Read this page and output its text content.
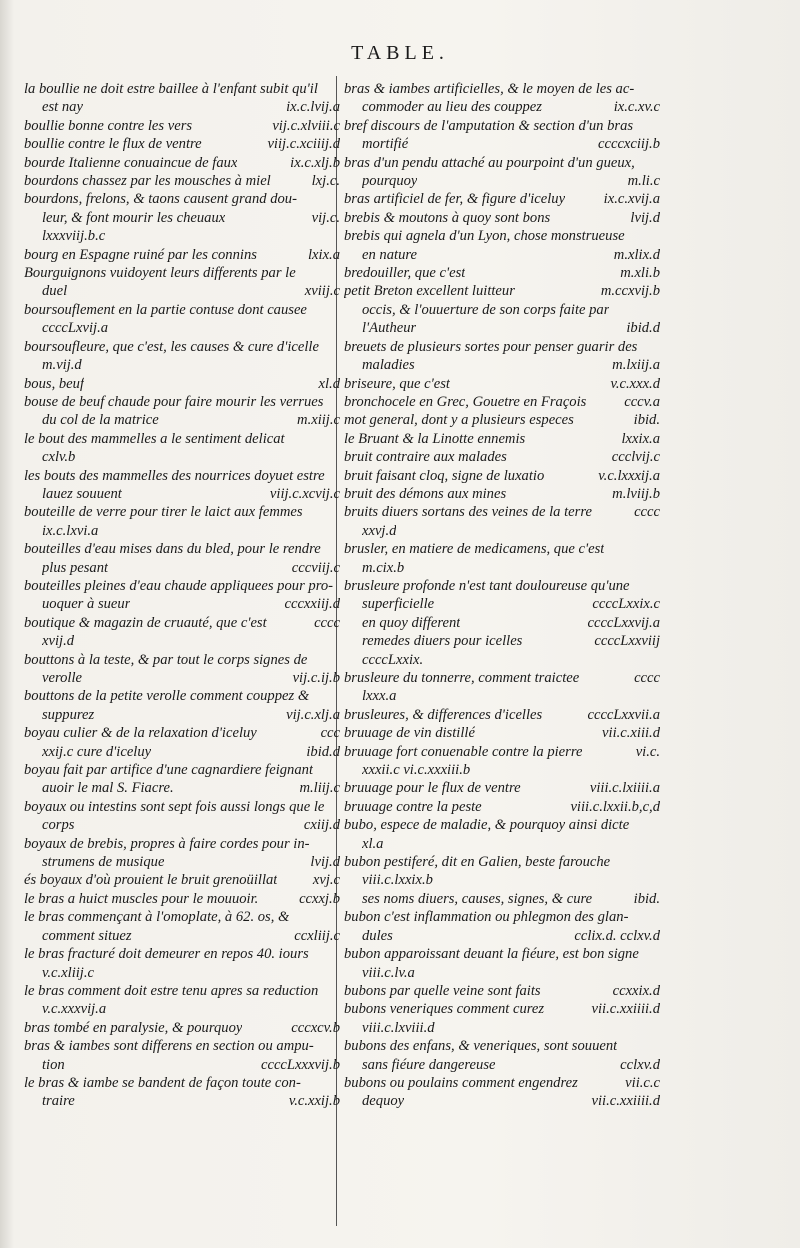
TABLE.
la boullie ne doit estre baillee à l'enfant subit qu'il
est nay	ix.c.lvij.a
boullie bonne contre les vers	vij.c.xlviii.c
boullie contre le flux de ventre	viij.c.xciiij.d
bourde Italienne conuaincue de faux	ix.c.xlj.b
bourdons chassez par les mousches à miel	lxj.c.
bourdons, frelons, & taons causent grand dou-
leur, & font mourir les cheuaux	vij.c.
lxxxviij.b.c
bourg en Espagne ruiné par les connins	lxix.a
Bourguignons vuidoyent leurs differents par le
duel	xviij.c
boursouflement en la partie contuse dont causee
ccccLxvij.a
boursoufleure, que c'est, les causes & cure d'icelle
m.vij.d
bous, beuf	xl.d
bouse de beuf chaude pour faire mourir les verrues
du col de la matrice	m.xiij.c
le bout des mammelles a le sentiment delicat
cxlv.b
les bouts des mammelles des nourrices doyuet estre
lauez souuent	viij.c.xcvij.c
bouteille de verre pour tirer le laict aux femmes
ix.c.lxvi.a
bouteilles d'eau mises dans du bled, pour le rendre
plus pesant	cccviij.c
bouteilles pleines d'eau chaude appliquees pour pro-
uoquer à sueur	cccxxiij.d
boutique & magazin de cruauté, que c'est	cccc
xvij.d
bouttons à la teste, & par tout le corps signes de
verolle	vij.c.ij.b
bouttons de la petite verolle comment couppez &
suppurez	vij.c.xlj.a
boyau culier & de la relaxation d'iceluy	ccc
xxij.c cure d'iceluy	ibid.d
boyau fait par artifice d'une cagnardiere feignant
auoir le mal S. Fiacre.	m.liij.c
boyaux ou intestins sont sept fois aussi longs que le
corps	cxiij.d
boyaux de brebis, propres à faire cordes pour in-
strumens de musique	lvij.d
és boyaux d'où prouient le bruit grenoüillat	xvj.c
le bras a huict muscles pour le mouuoir.	ccxxj.b
le bras commençant à l'omoplate, à 62. os, &
comment situez	ccxliij.c
le bras fracturé doit demeurer en repos 40. iours
v.c.xliij.c
le bras comment doit estre tenu apres sa reduction
v.c.xxxvij.a
bras tombé en paralysie, & pourquoy	cccxcv.b
bras & iambes sont differens en section ou ampu-
tion	ccccLxxxvij.b
le bras & iambe se bandent de façon toute con-
traire	v.c.xxij.b
bras & iambes artificielles, & le moyen de les ac-
commoder au lieu des couppez	ix.c.xv.c
bref discours de l'amputation & section d'un bras
mortifié	ccccxciij.b
bras d'un pendu attaché au pourpoint d'un gueux,
pourquoy	m.li.c
bras artificiel de fer, & figure d'iceluy	ix.c.xvij.a
brebis & moutons à quoy sont bons	lvij.d
brebis qui agnela d'un Lyon, chose monstrueuse
en nature	m.xlix.d
bredouiller, que c'est	m.xli.b
petit Breton excellent luitteur	m.ccxvij.b
occis, & l'ouuerture de son corps faite par
l'Autheur	ibid.d
breuets de plusieurs sortes pour penser guarir des
maladies	m.lxiij.a
briseure, que c'est	v.c.xxx.d
bronchocele en Grec, Gouetre en Fraçois	cccv.a
mot general, dont y a plusieurs especes	ibid.
le Bruant & la Linotte ennemis	lxxix.a
bruit contraire aux malades	ccclvij.c
bruit faisant cloq, signe de luxatio	v.c.lxxxij.a
bruit des démons aux mines	m.lviij.b
bruits diuers sortans des veines de la terre	cccc
xxvj.d
brusler, en matiere de medicamens, que c'est
m.cix.b
brusleure profonde n'est tant douloureuse qu'une
superficielle	ccccLxxix.c
en quoy different	ccccLxxvij.a
remedes diuers pour icelles	ccccLxxviij
ccccLxxix.
brusleure du tonnerre, comment traictee	cccc
lxxx.a
brusleures, & differences d'icelles	ccccLxxvii.a
bruuage de vin distillé	vii.c.xiii.d
bruuage fort conuenable contre la pierre	vi.c.
xxxii.c vi.c.xxxiii.b
bruuage pour le flux de ventre	viii.c.lxiiii.a
bruuage contre la peste	viii.c.lxxii.b,c,d
bubo, espece de maladie, & pourquoy ainsi dicte
xl.a
bubon pestiferé, dit en Galien, beste farouche
viii.c.lxxix.b
ses noms diuers, causes, signes, & cure	ibid.
bubon c'est inflammation ou phlegmon des glan-
dules	cclix.d. cclxv.d
bubon apparoissant deuant la fiéure, est bon signe
viii.c.lv.a
bubons par quelle veine sont faits	ccxxix.d
bubons veneriques comment curez	vii.c.xxiiii.d
viii.c.lxviii.d
bubons des enfans, & veneriques, sont souuent
sans fiéure dangereuse	cclxv.d
bubons ou poulains comment engendrez	vii.c.c
dequoy	vii.c.xxiiii.d
